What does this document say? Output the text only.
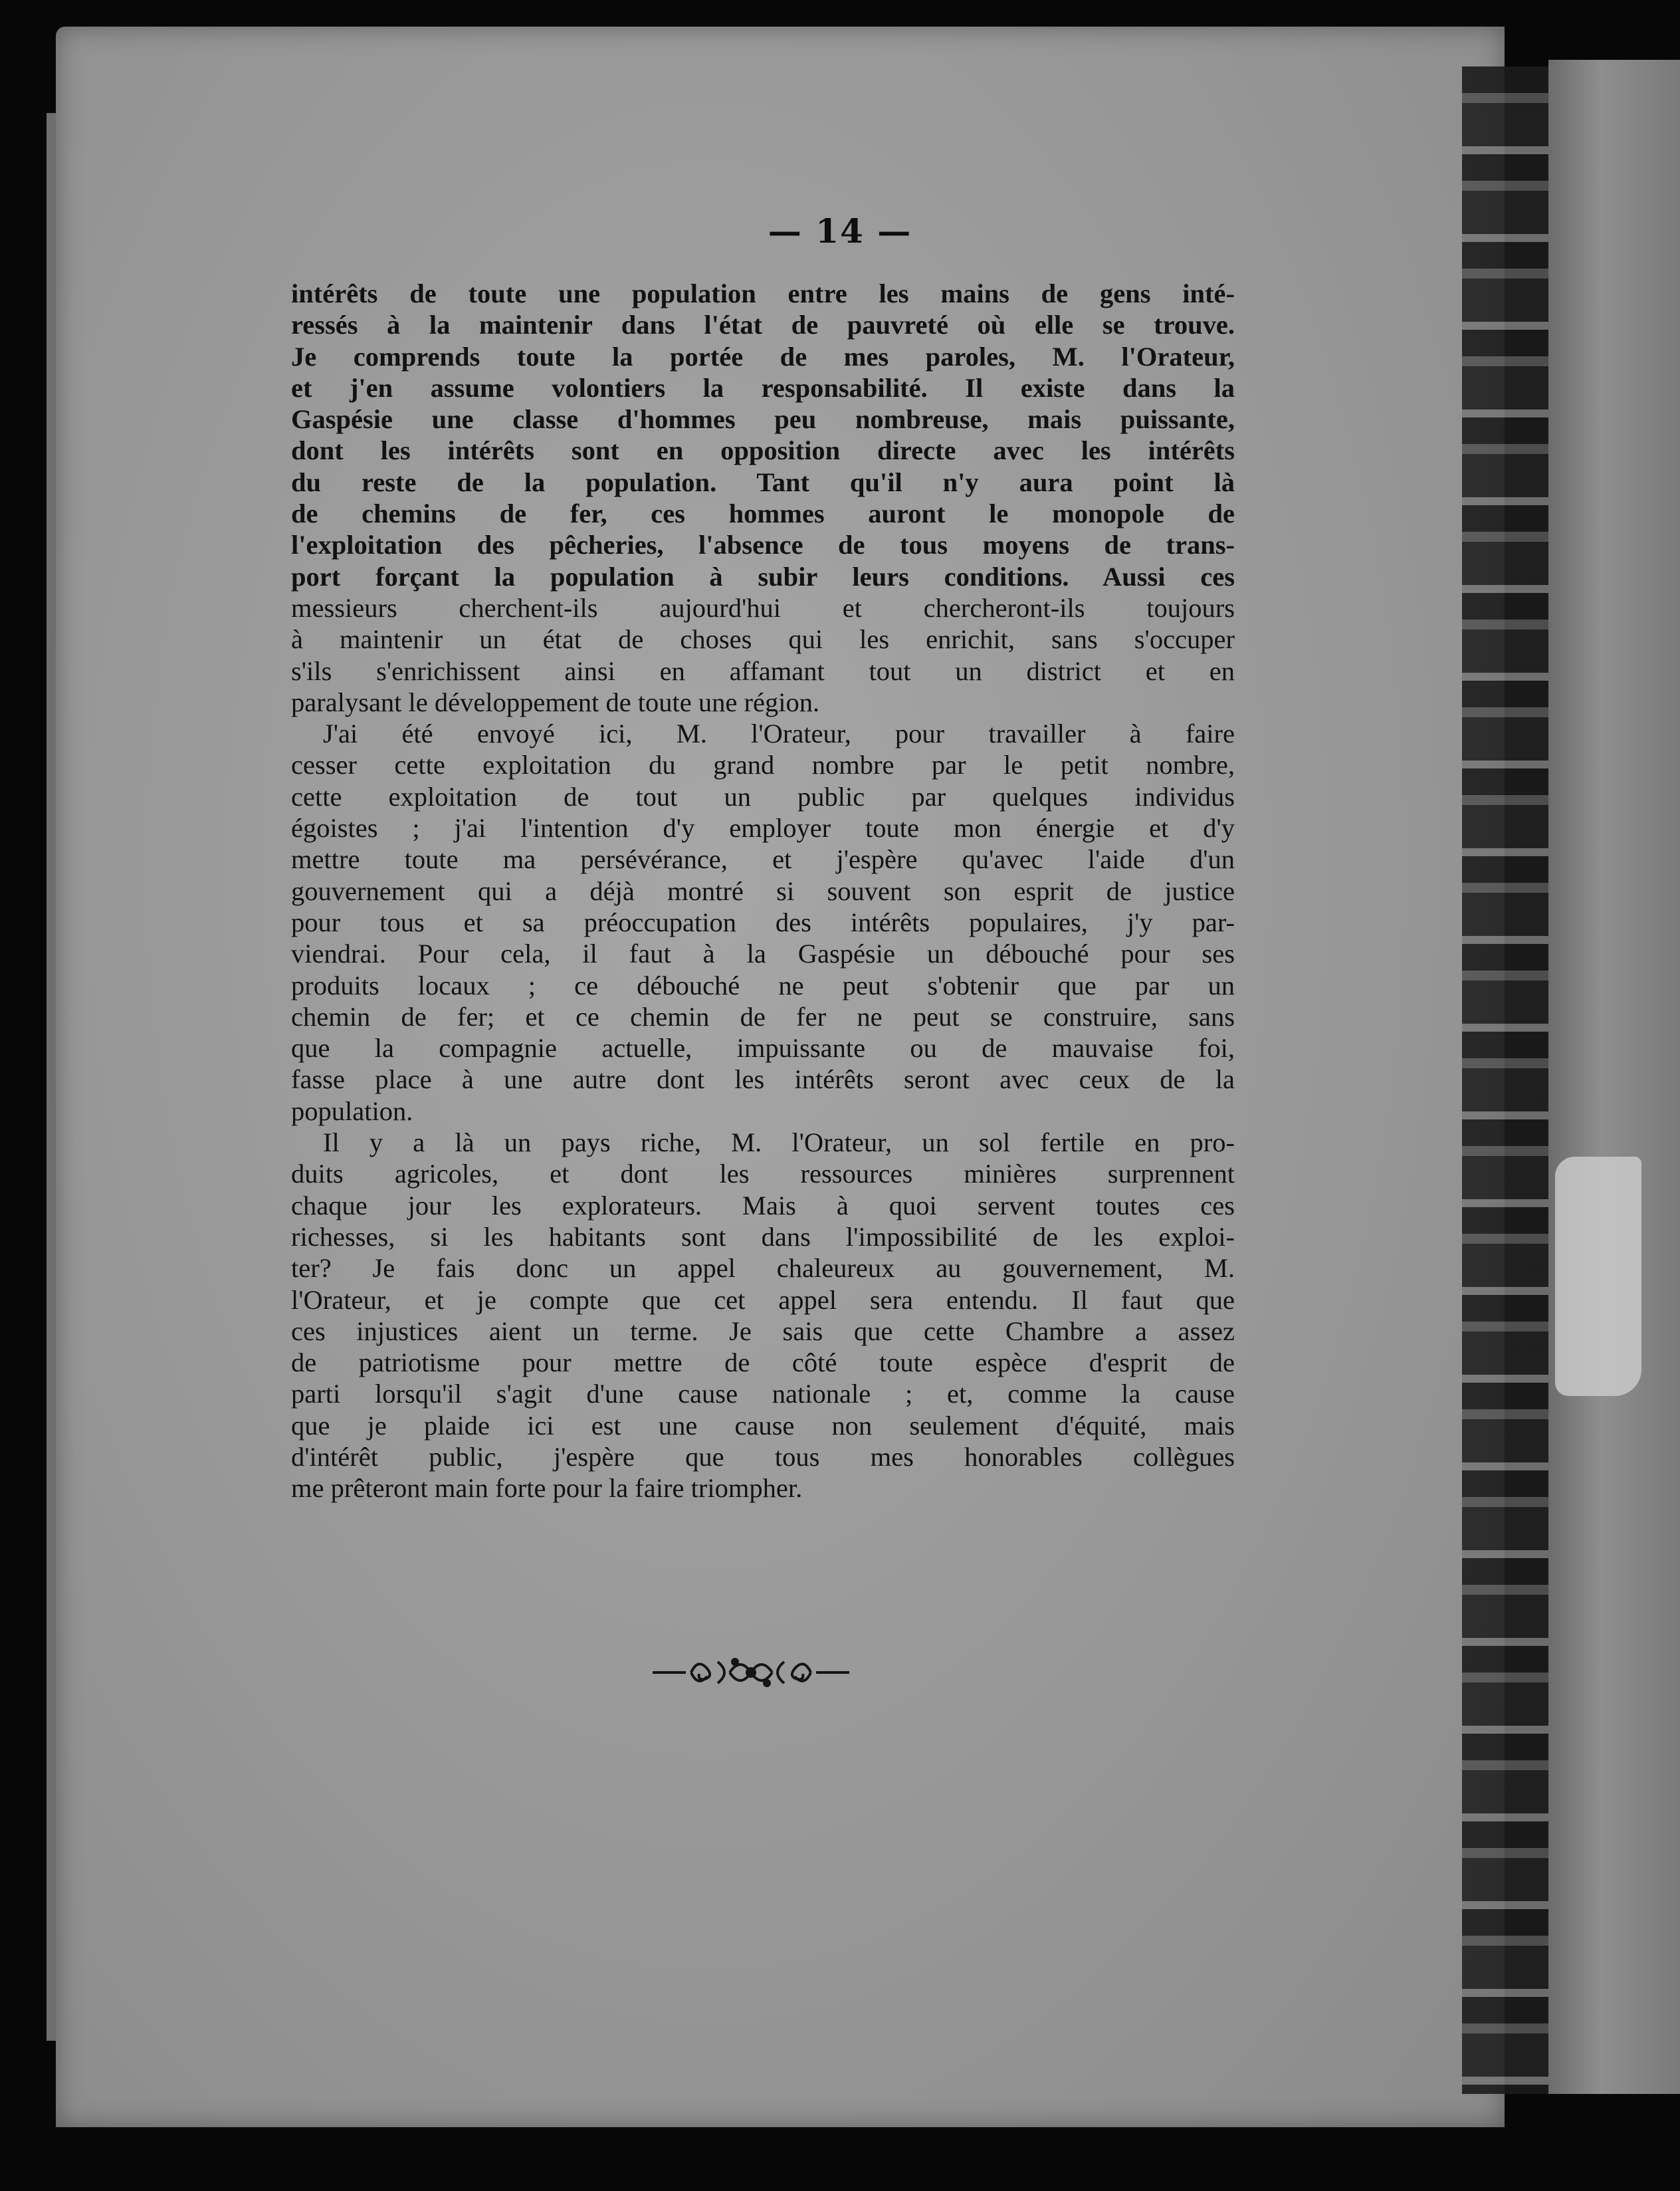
— 14 —
intérêts de toute une population entre les mains de gens inté-
ressés à la maintenir dans l'état de pauvreté où elle se trouve.
Je comprends toute la portée de mes paroles, M. l'Orateur,
et j'en assume volontiers la responsabilité. Il existe dans la
Gaspésie une classe d'hommes peu nombreuse, mais puissante,
dont les intérêts sont en opposition directe avec les intérêts
du reste de la population. Tant qu'il n'y aura point là
de chemins de fer, ces hommes auront le monopole de
l'exploitation des pêcheries, l'absence de tous moyens de trans-
port forçant la population à subir leurs conditions. Aussi ces
messieurs cherchent-ils aujourd'hui et chercheront-ils toujours
à maintenir un état de choses qui les enrichit, sans s'occuper
s'ils s'enrichissent ainsi en affamant tout un district et en
paralysant le développement de toute une région.
J'ai été envoyé ici, M. l'Orateur, pour travailler à faire
cesser cette exploitation du grand nombre par le petit nombre,
cette exploitation de tout un public par quelques individus
égoistes ; j'ai l'intention d'y employer toute mon énergie et d'y
mettre toute ma persévérance, et j'espère qu'avec l'aide d'un
gouvernement qui a déjà montré si souvent son esprit de justice
pour tous et sa préoccupation des intérêts populaires, j'y par-
viendrai. Pour cela, il faut à la Gaspésie un débouché pour ses
produits locaux ; ce débouché ne peut s'obtenir que par un
chemin de fer; et ce chemin de fer ne peut se construire, sans
que la compagnie actuelle, impuissante ou de mauvaise foi,
fasse place à une autre dont les intérêts seront avec ceux de la
population.
Il y a là un pays riche, M. l'Orateur, un sol fertile en pro-
duits agricoles, et dont les ressources minières surprennent
chaque jour les explorateurs. Mais à quoi servent toutes ces
richesses, si les habitants sont dans l'impossibilité de les exploi-
ter? Je fais donc un appel chaleureux au gouvernement, M.
l'Orateur, et je compte que cet appel sera entendu. Il faut que
ces injustices aient un terme. Je sais que cette Chambre a assez
de patriotisme pour mettre de côté toute espèce d'esprit de
parti lorsqu'il s'agit d'une cause nationale ; et, comme la cause
que je plaide ici est une cause non seulement d'équité, mais
d'intérêt public, j'espère que tous mes honorables collègues
me prêteront main forte pour la faire triompher.
